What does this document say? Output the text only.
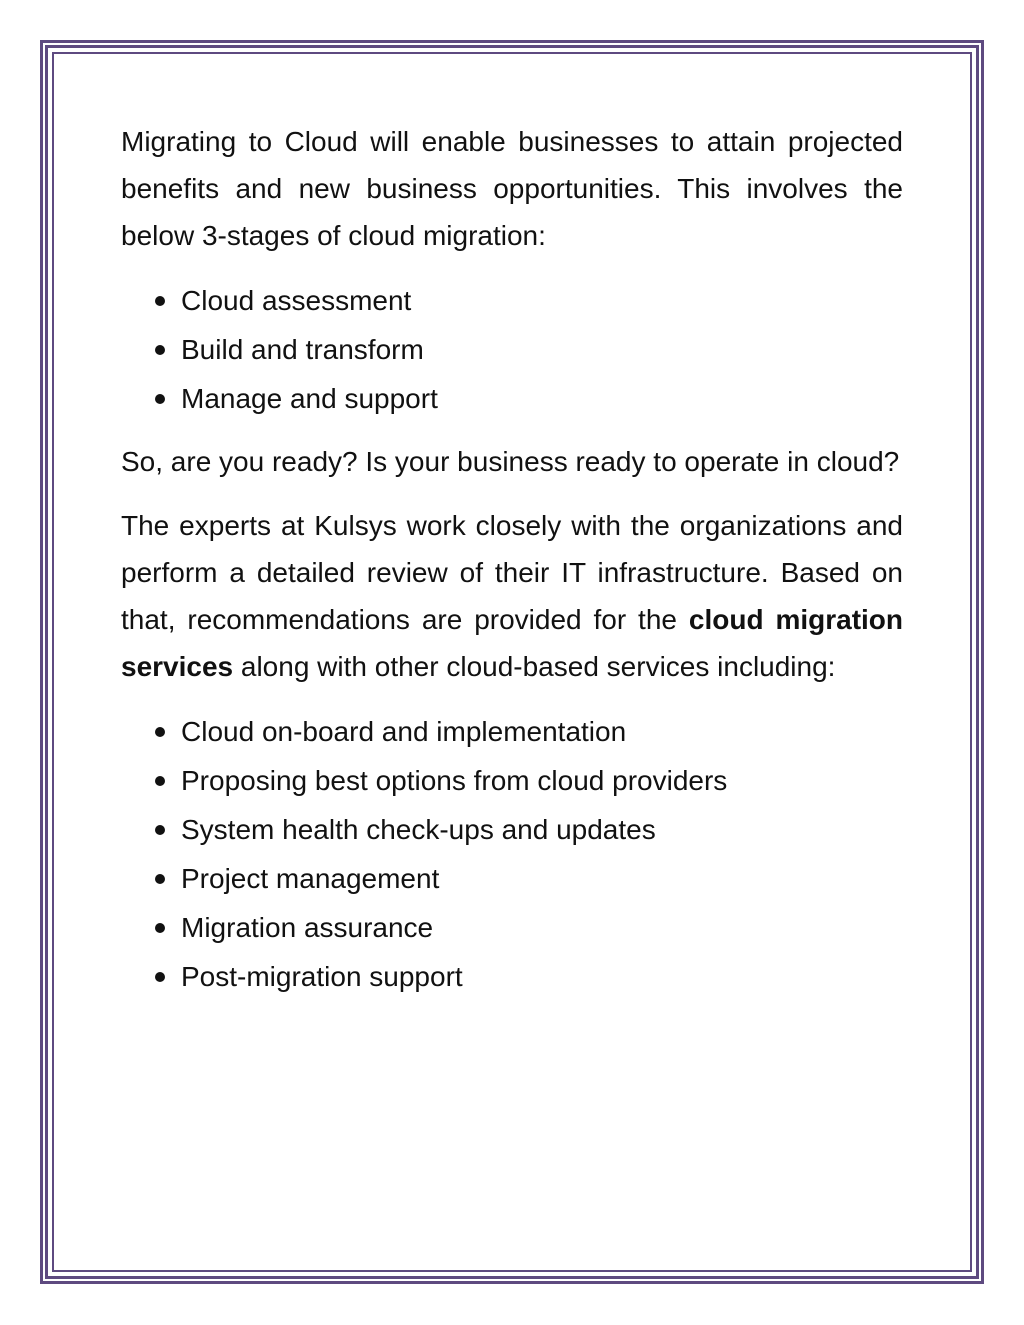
Migrating to Cloud will enable businesses to attain projected benefits and new business opportunities. This involves the below 3-stages of cloud migration:

Cloud assessment
Build and transform
Manage and support

So, are you ready? Is your business ready to operate in cloud?

The experts at Kulsys work closely with the organizations and perform a detailed review of their IT infrastructure. Based on that, recommendations are provided for the cloud migration services along with other cloud-based services including:

Cloud on-board and implementation
Proposing best options from cloud providers
System health check-ups and updates
Project management
Migration assurance
Post-migration support
